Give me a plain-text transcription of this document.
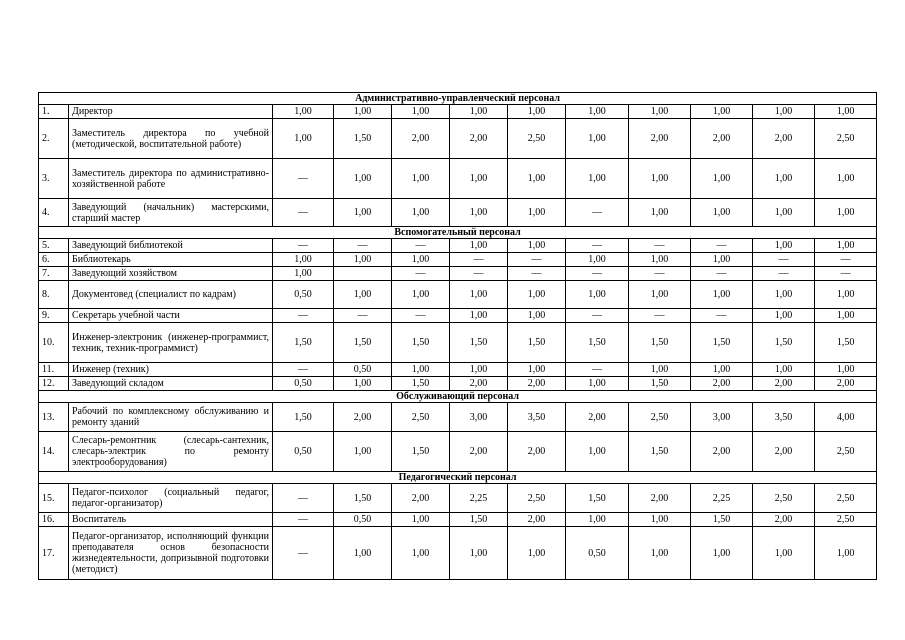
Административно-управленческий персонал											
1.	Директор	1,00	1,00	1,00	1,00	1,00	1,00	1,00	1,00	1,00	1,00
2.	Заместитель директора по учебной (методической, воспитательной работе)	1,00	1,50	2,00	2,00	2,50	1,00	2,00	2,00	2,00	2,50
3.	Заместитель директора по административно-хозяйственной работе	—	1,00	1,00	1,00	1,00	1,00	1,00	1,00	1,00	1,00
4.	Заведующий (начальник) мастерскими, старший мастер	—	1,00	1,00	1,00	1,00	—	1,00	1,00	1,00	1,00
Вспомогательный персонал											
5.	Заведующий библиотекой	—	—	—	1,00	1,00	—	—	—	1,00	1,00
6.	Библиотекарь	1,00	1,00	1,00	—	—	1,00	1,00	1,00	—	—
7.	Заведующий хозяйством	1,00		—	—	—	—	—	—	—	—
8.	Документовед (специалист по кадрам)	0,50	1,00	1,00	1,00	1,00	1,00	1,00	1,00	1,00	1,00
9.	Секретарь учебной части	—	—	—	1,00	1,00	—	—	—	1,00	1,00
10.	Инженер-электроник (инженер-программист, техник, техник-программист)	1,50	1,50	1,50	1,50	1,50	1,50	1,50	1,50	1,50	1,50
11.	Инженер (техник)	—	0,50	1,00	1,00	1,00	—	1,00	1,00	1,00	1,00
12.	Заведующий складом	0,50	1,00	1,50	2,00	2,00	1,00	1,50	2,00	2,00	2,00
Обслуживающий персонал											
13.	Рабочий по комплексному обслуживанию и ремонту зданий	1,50	2,00	2,50	3,00	3,50	2,00	2,50	3,00	3,50	4,00
14.	Слесарь-ремонтник (слесарь-сантехник, слесарь-электрик по ремонту электрооборудования)	0,50	1,00	1,50	2,00	2,00	1,00	1,50	2,00	2,00	2,50
Педагогический персонал											
15.	Педагог-психолог (социальный педагог, педагог-организатор)	—	1,50	2,00	2,25	2,50	1,50	2,00	2,25	2,50	2,50
16.	Воспитатель	—	0,50	1,00	1,50	2,00	1,00	1,00	1,50	2,00	2,50
17.	Педагог-организатор, исполняющий функции преподавателя основ безопасности жизнедеятельности, допризывной подготовки (методист)	—	1,00	1,00	1,00	1,00	0,50	1,00	1,00	1,00	1,00
